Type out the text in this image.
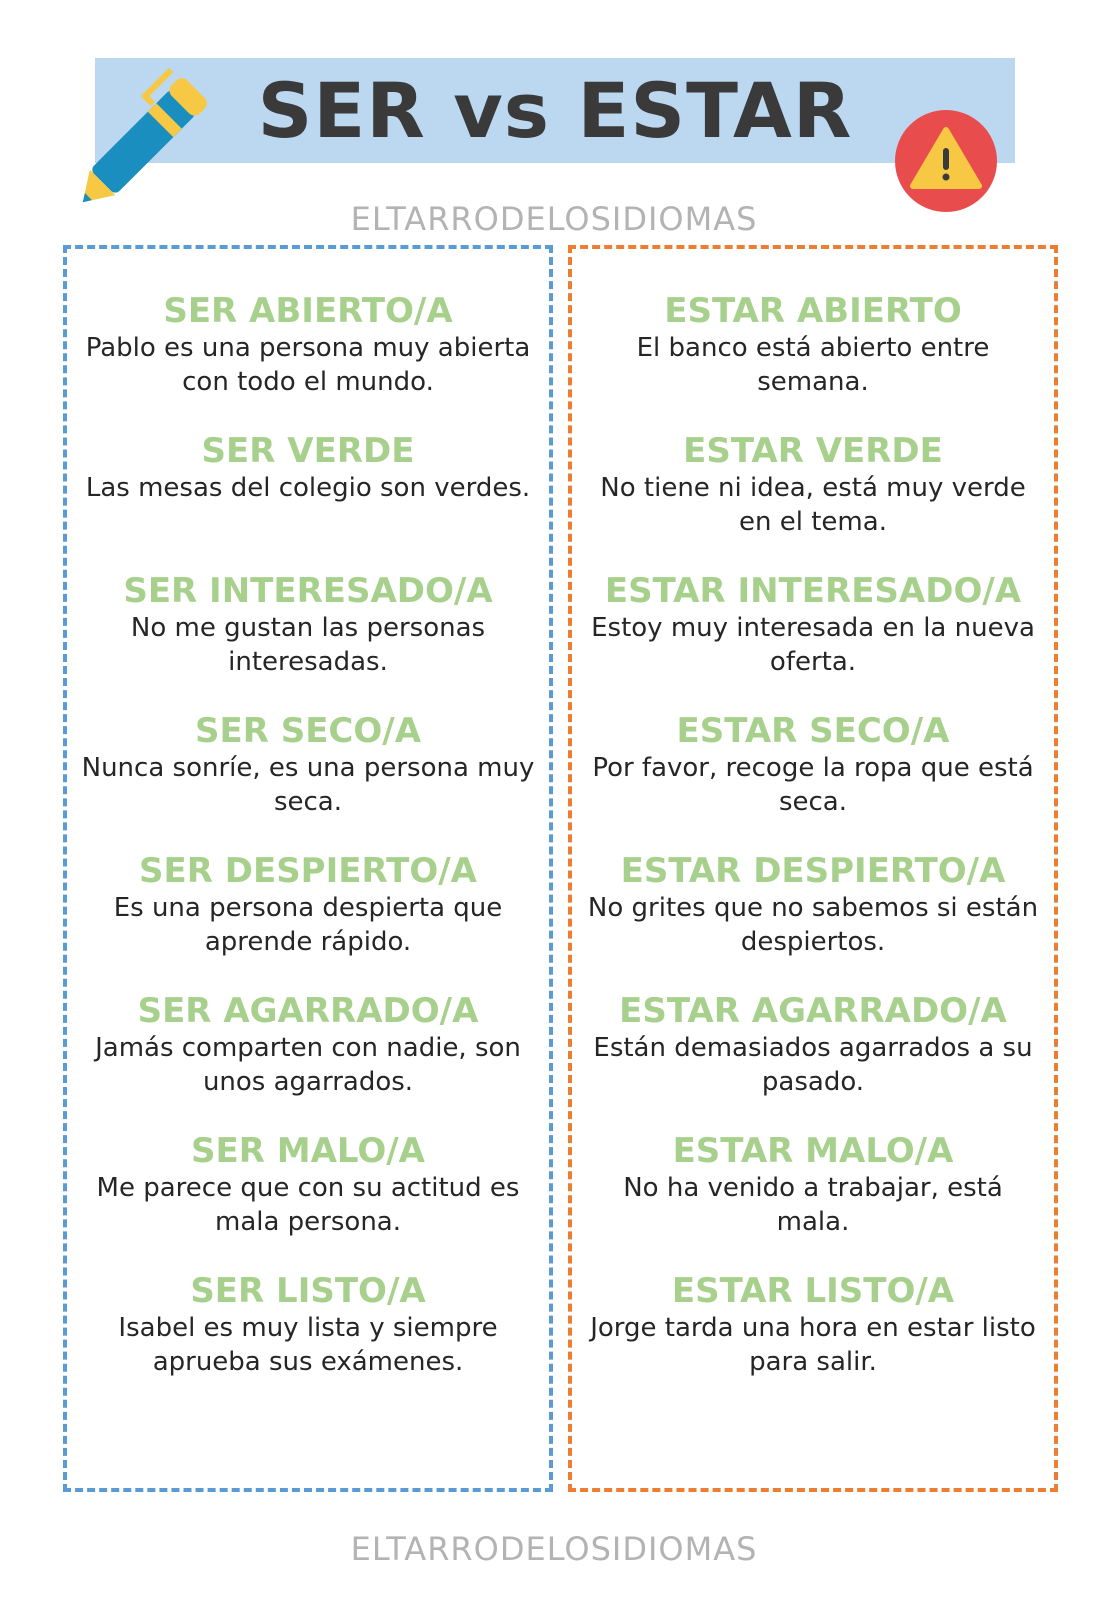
SER vs ESTAR
ELTARRODELOSIDIOMAS
SER ABIERTO/A
Pablo es una persona muy abierta con todo el mundo.
SER VERDE
Las mesas del colegio son verdes.
SER INTERESADO/A
No me gustan las personas interesadas.
SER SECO/A
Nunca sonríe, es una persona muy seca.
SER DESPIERTO/A
Es una persona despierta que aprende rápido.
SER AGARRADO/A
Jamás comparten con nadie, son unos agarrados.
SER MALO/A
Me parece que con su actitud es mala persona.
SER LISTO/A
Isabel es muy lista y siempre aprueba sus exámenes.
ESTAR ABIERTO
El banco está abierto entre semana.
ESTAR VERDE
No tiene ni idea, está muy verde en el tema.
ESTAR INTERESADO/A
Estoy muy interesada en la nueva oferta.
ESTAR SECO/A
Por favor, recoge la ropa que está seca.
ESTAR DESPIERTO/A
No grites que no sabemos si están despiertos.
ESTAR AGARRADO/A
Están demasiados agarrados a su pasado.
ESTAR MALO/A
No ha venido a trabajar, está mala.
ESTAR LISTO/A
Jorge tarda una hora en estar listo para salir.
ELTARRODELOSIDIOMAS
